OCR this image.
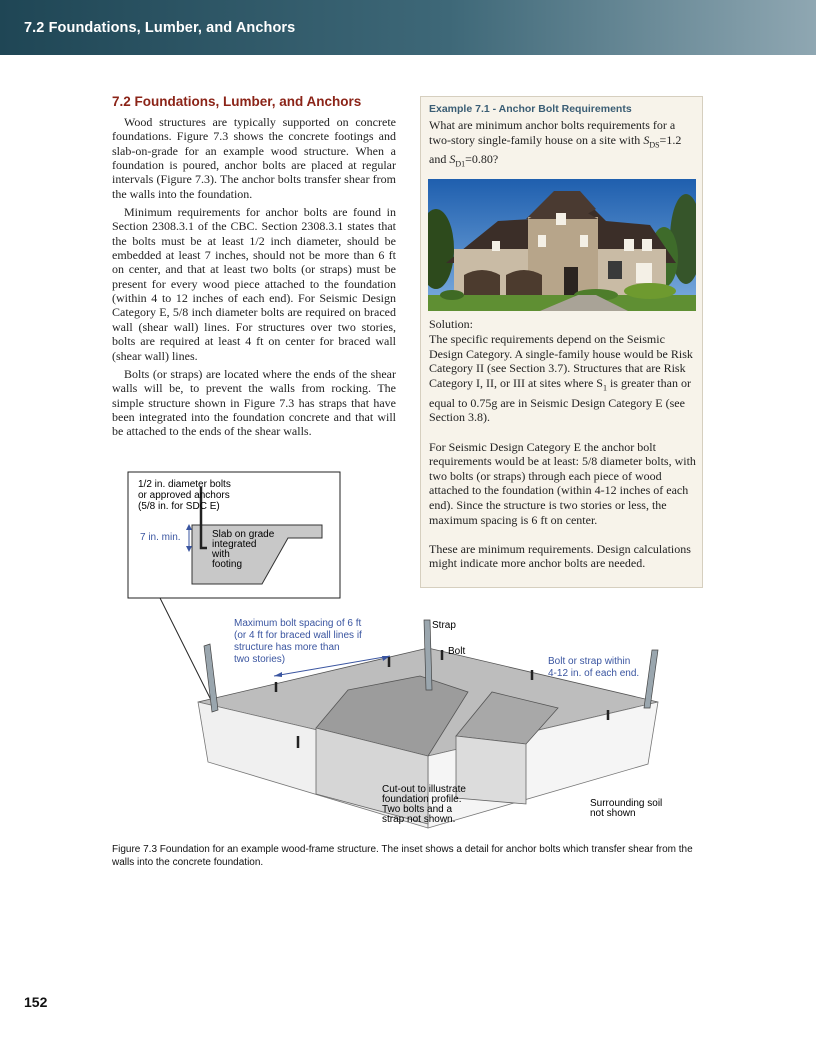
7.2 Foundations, Lumber, and Anchors
7.2 Foundations, Lumber, and Anchors

Wood structures are typically supported on concrete foundations. Figure 7.3 shows the concrete footings and slab-on-grade for an example wood structure. When a foundation is poured, anchor bolts are placed at regular intervals (Figure 7.3). The anchor bolts transfer shear from the walls into the foundation.

Minimum requirements for anchor bolts are found in Section 2308.3.1 of the CBC. Section 2308.3.1 states that the bolts must be at least 1/2 inch diameter, should be embedded at least 7 inches, should not be more than 6 ft on center, and that at least two bolts (or straps) must be present for every wood piece attached to the foundation (within 4 to 12 inches of each end). For Seismic Design Category E, 5/8 inch diameter bolts are required on braced wall (shear wall) lines. For structures over two stories, bolts are required at least 4 ft on center for braced wall (shear wall) lines.

Bolts (or straps) are located where the ends of the shear walls will be, to prevent the walls from rocking. The simple structure shown in Figure 7.3 has straps that have been integrated into the foundation concrete and that will be attached to the ends of the shear walls.

Example 7.1 - Anchor Bolt Requirements
What are minimum anchor bolts requirements for a two-story single-family house on a site with $S_{DS}=1.2$ and $S_{D1}=0.80$?
Solution:

The specific requirements depend on the Seismic Design Category. A single-family house would be Risk Category II (see Section 3.7). Structures that are Risk Category I, II, or III at sites where $S_1$ is greater than or equal to 0.75g are in Seismic Design Category E (see Section 3.8).

For Seismic Design Category E the anchor bolt requirements would be at least: 5/8 diameter bolts, with two bolts (or straps) through each piece of wood attached to the foundation (within 4-12 inches of each end). Since the structure is two stories or less, the maximum spacing is 6 ft on center.

These are minimum requirements. Design calculations might indicate more anchor bolts are needed.

1/2 in. diameter bolts
or approved anchors
(5/8 in. for SDC E)
7 in. min.	Slab on grade
integrated
with
footing
Maximum bolt spacing of 6 ft
(or 4 ft for braced wall lines if
structure has more than
two stories)
Strap
Bolt
Bolt or strap within
4-12 in. of each end.
Cut-out to illustrate
foundation profile.
Two bolts and a
strap not shown.
Surrounding soil
not shown
Figure 7.3 Foundation for an example wood-frame structure. The inset shows a detail for anchor bolts which transfer shear from the walls into the concrete foundation.
152
